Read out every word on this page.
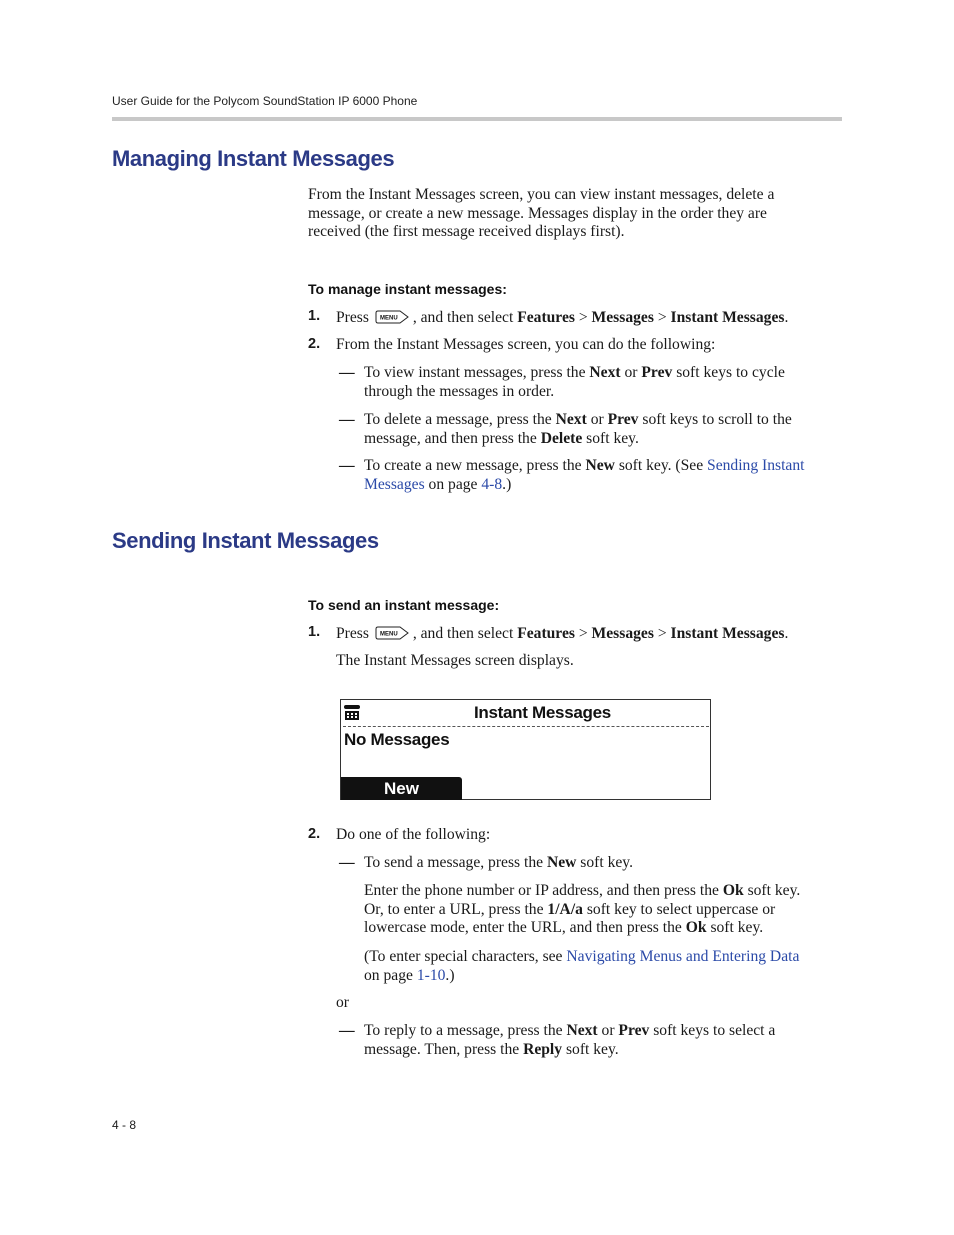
User Guide for the Polycom SoundStation IP 6000 Phone
Managing Instant Messages
From the Instant Messages screen, you can view instant messages, delete a
message, or create a new message. Messages display in the order they are
received (the first message received displays first).
To manage instant messages:
1. Press MENU , and then select Features > Messages > Instant Messages.
2. From the Instant Messages screen, you can do the following:
— To view instant messages, press the Next or Prev soft keys to cycle
through the messages in order.
— To delete a message, press the Next or Prev soft keys to scroll to the
message, and then press the Delete soft key.
— To create a new message, press the New soft key. (See Sending Instant
Messages on page 4-8.)
Sending Instant Messages
To send an instant message:
1. Press MENU , and then select Features > Messages > Instant Messages.
The Instant Messages screen displays.
Instant Messages
No Messages
New
2. Do one of the following:
— To send a message, press the New soft key.
Enter the phone number or IP address, and then press the Ok soft key.
Or, to enter a URL, press the 1/A/a soft key to select uppercase or
lowercase mode, enter the URL, and then press the Ok soft key.
(To enter special characters, see Navigating Menus and Entering Data
on page 1-10.)
or
— To reply to a message, press the Next or Prev soft keys to select a
message. Then, press the Reply soft key.
4 - 8
